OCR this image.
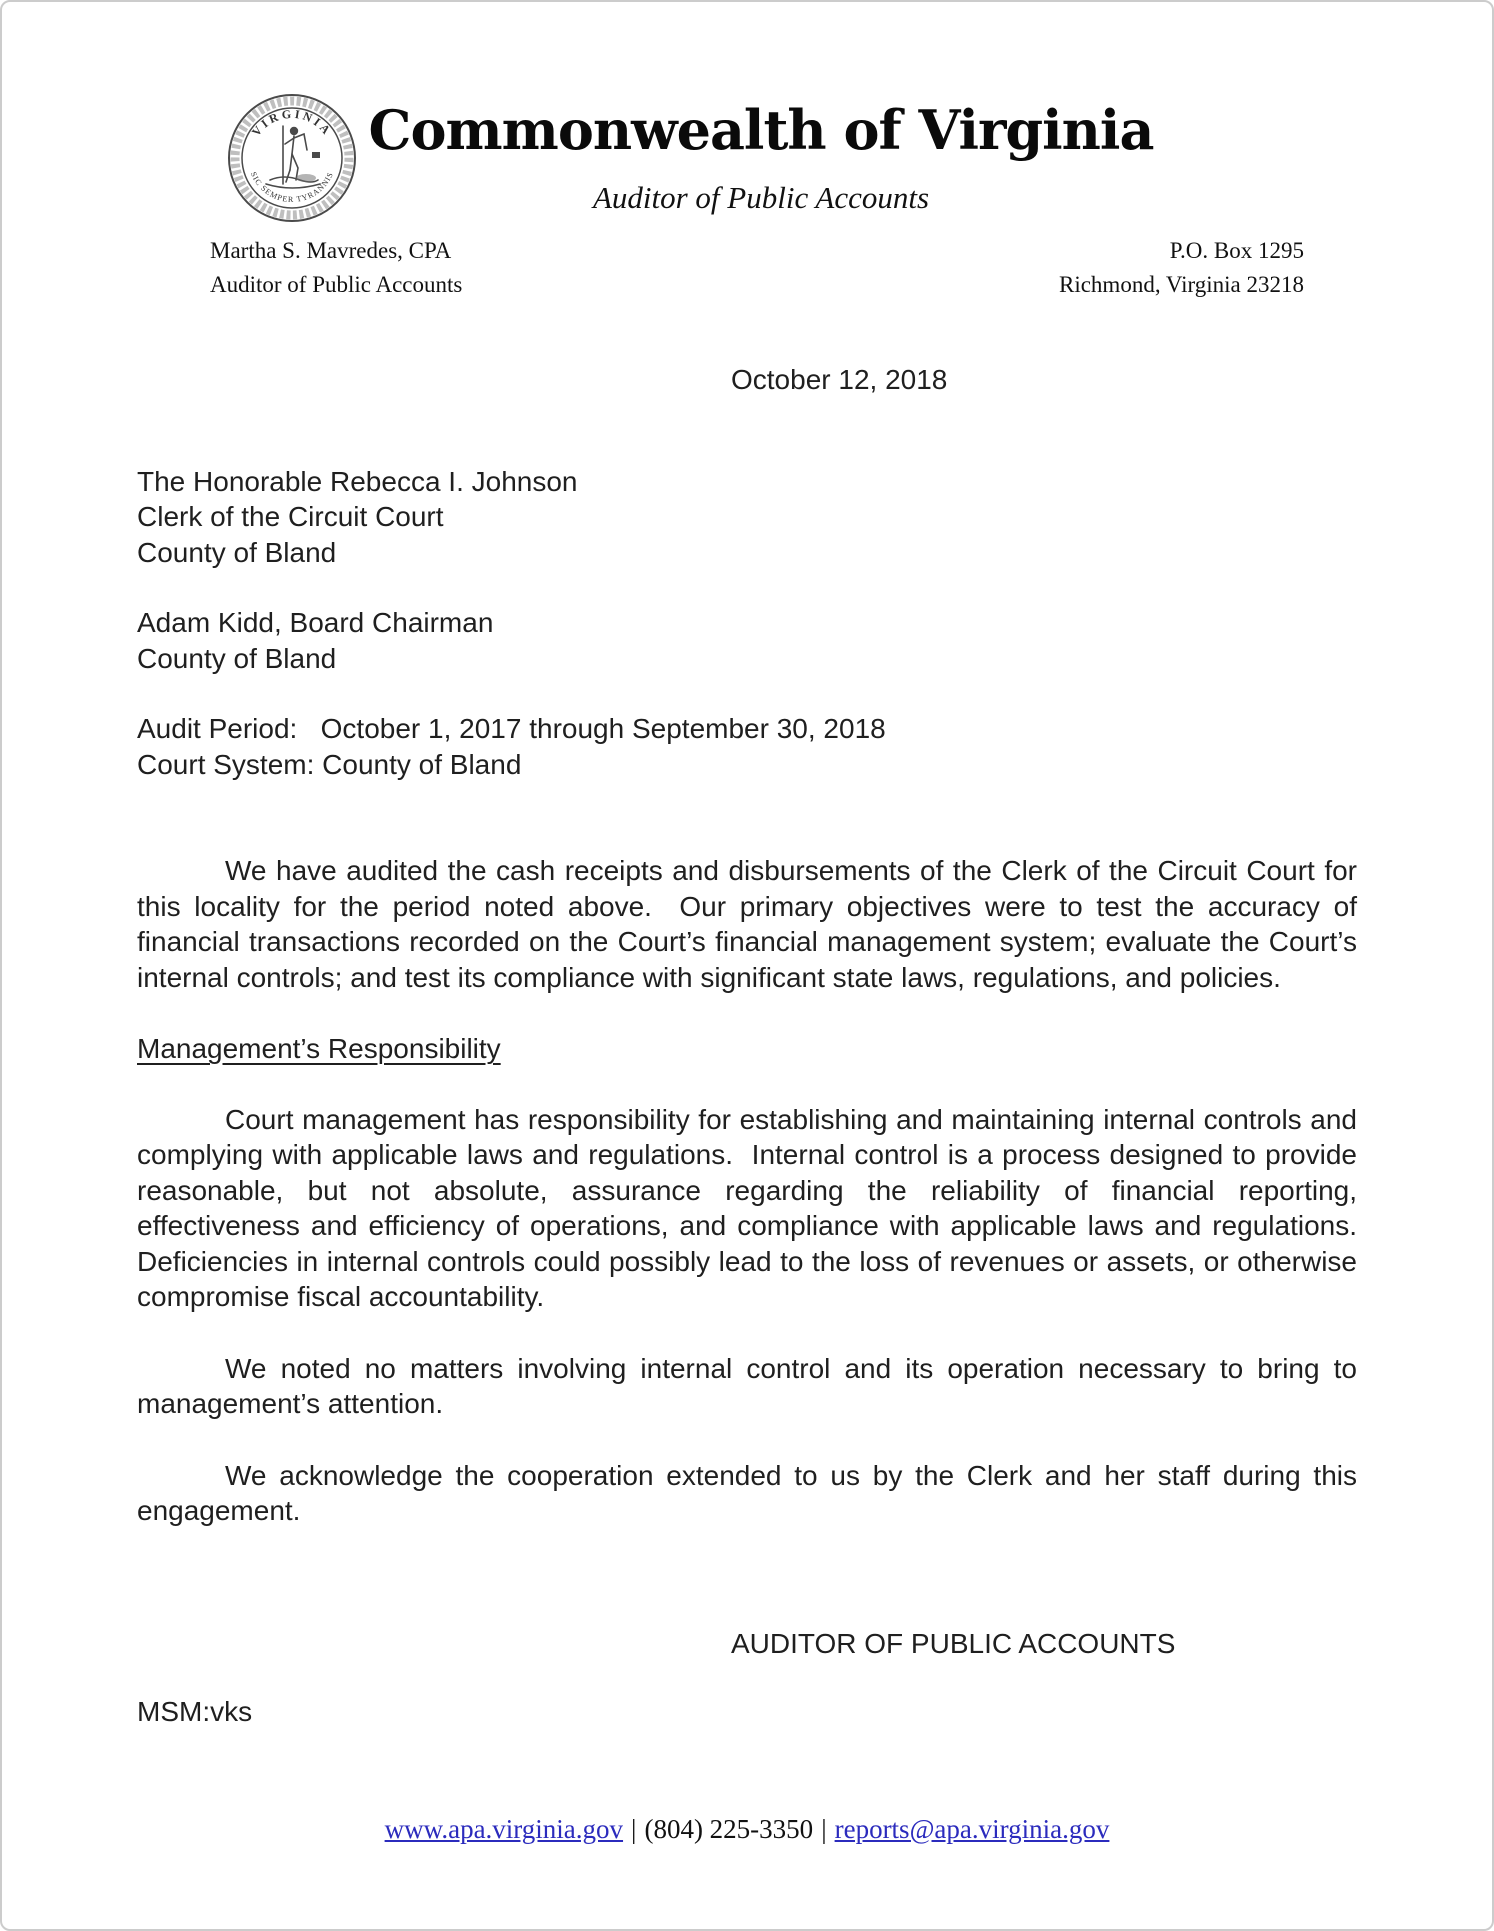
VIRGINIA
SIC SEMPER TYRANNIS
Commonwealth of Virginia
Auditor of Public Accounts
Martha S. Mavredes, CPA
Auditor of Public Accounts
P.O. Box 1295
Richmond, Virginia 23218

October 12, 2018

The Honorable Rebecca I. Johnson
Clerk of the Circuit Court
County of Bland
Adam Kidd, Board Chairman
County of Bland
Audit Period:   October 1, 2017 through September 30, 2018
Court System: County of Bland

We have audited the cash receipts and disbursements of the Clerk of the Circuit Court for this locality for the period noted above.  Our primary objectives were to test the accuracy of financial transactions recorded on the Court’s financial management system; evaluate the Court’s internal controls; and test its compliance with significant state laws, regulations, and policies.

Management’s Responsibility

Court management has responsibility for establishing and maintaining internal controls and complying with applicable laws and regulations.  Internal control is a process designed to provide reasonable, but not absolute, assurance regarding the reliability of financial reporting, effectiveness and efficiency of operations, and compliance with applicable laws and regulations.  Deficiencies in internal controls could possibly lead to the loss of revenues or assets, or otherwise compromise fiscal accountability.

We noted no matters involving internal control and its operation necessary to bring to management’s attention.

We acknowledge the cooperation extended to us by the Clerk and her staff during this engagement.

AUDITOR OF PUBLIC ACCOUNTS

MSM:vks

www.apa.virginia.gov | (804) 225-3350 | reports@apa.virginia.gov
